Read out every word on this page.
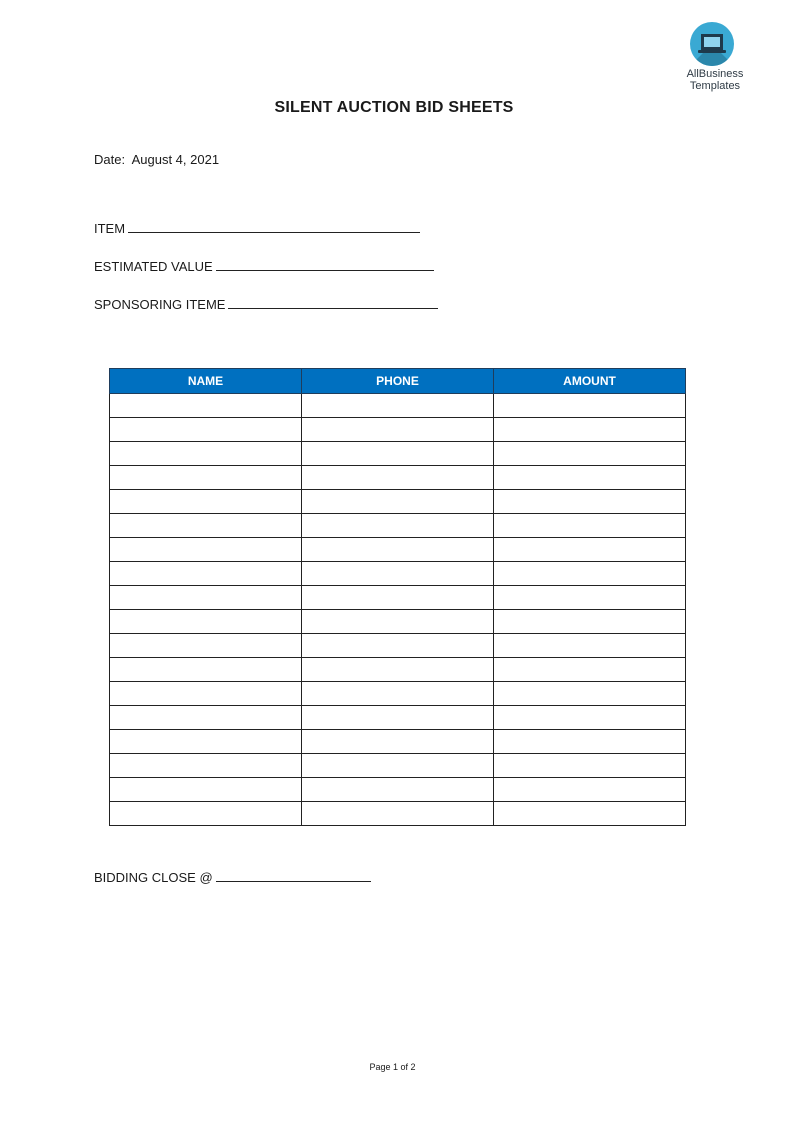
AllBusiness
Templates
SILENT AUCTION BID SHEETS
Date: August 4, 2021
ITEM
ESTIMATED VALUE
SPONSORING ITEME
NAME	PHONE	AMOUNT

BIDDING CLOSE @
Page 1 of 2
